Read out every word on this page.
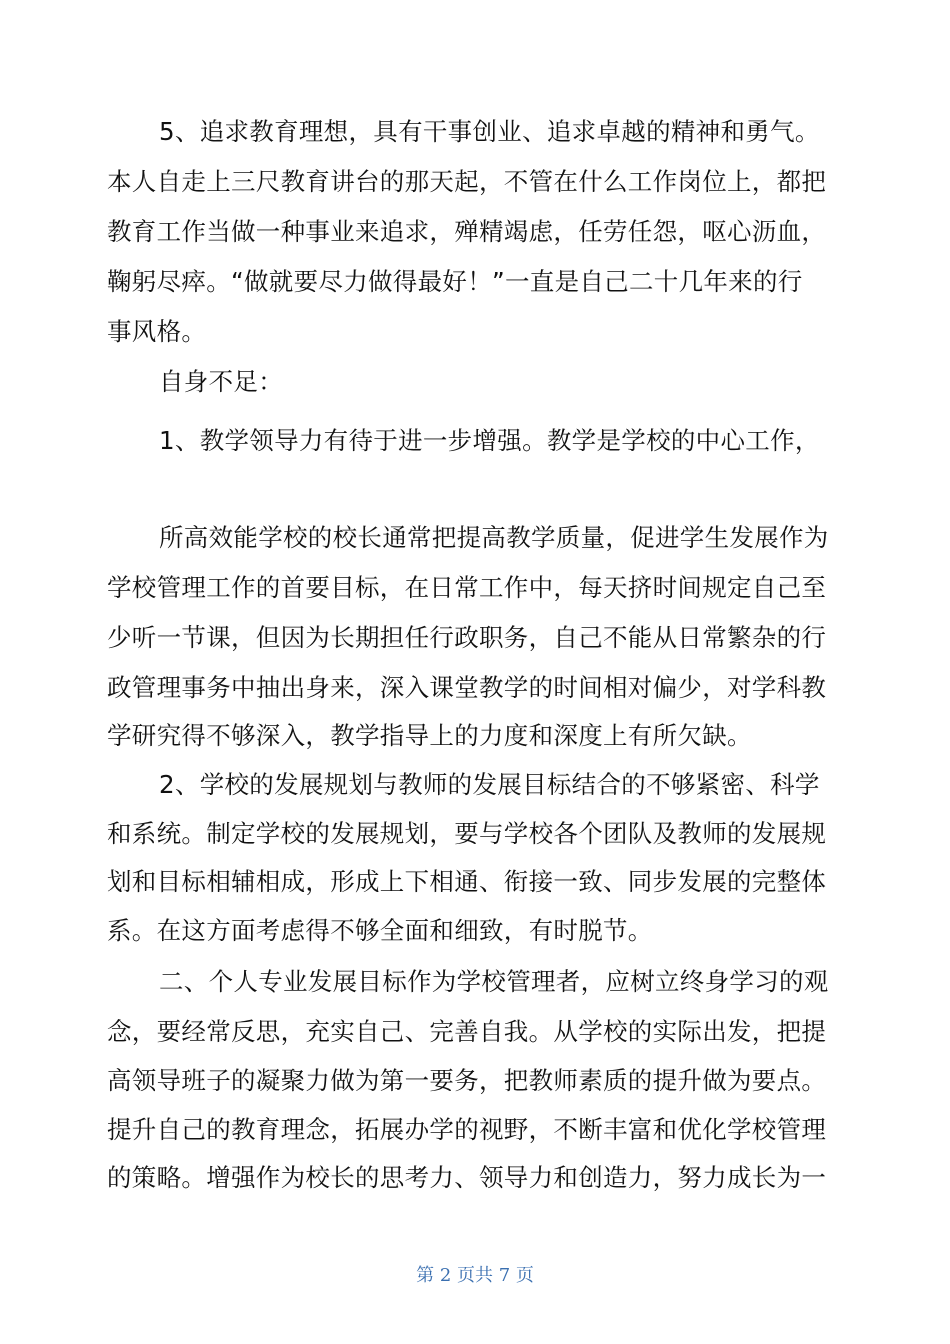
5、追求教育理想，具有干事创业、追求卓越的精神和勇气。
本人自走上三尺教育讲台的那天起，不管在什么工作岗位上，都把
教育工作当做一种事业来追求，殚精竭虑，任劳任怨，呕心沥血，
鞠躬尽瘁。“做就要尽力做得最好！”一直是自己二十几年来的行
事风格。
自身不足：
1、教学领导力有待于进一步增强。教学是学校的中心工作，
所高效能学校的校长通常把提高教学质量，促进学生发展作为
学校管理工作的首要目标，在日常工作中，每天挤时间规定自己至
少听一节课，但因为长期担任行政职务，自己不能从日常繁杂的行
政管理事务中抽出身来，深入课堂教学的时间相对偏少，对学科教
学研究得不够深入，教学指导上的力度和深度上有所欠缺。
2、学校的发展规划与教师的发展目标结合的不够紧密、科学
和系统。制定学校的发展规划，要与学校各个团队及教师的发展规
划和目标相辅相成，形成上下相通、衔接一致、同步发展的完整体
系。在这方面考虑得不够全面和细致，有时脱节。
二、个人专业发展目标作为学校管理者，应树立终身学习的观
念，要经常反思，充实自己、完善自我。从学校的实际出发，把提
高领导班子的凝聚力做为第一要务，把教师素质的提升做为要点。
提升自己的教育理念，拓展办学的视野，不断丰富和优化学校管理
的策略。增强作为校长的思考力、领导力和创造力，努力成长为一
第 2 页共 7 页
